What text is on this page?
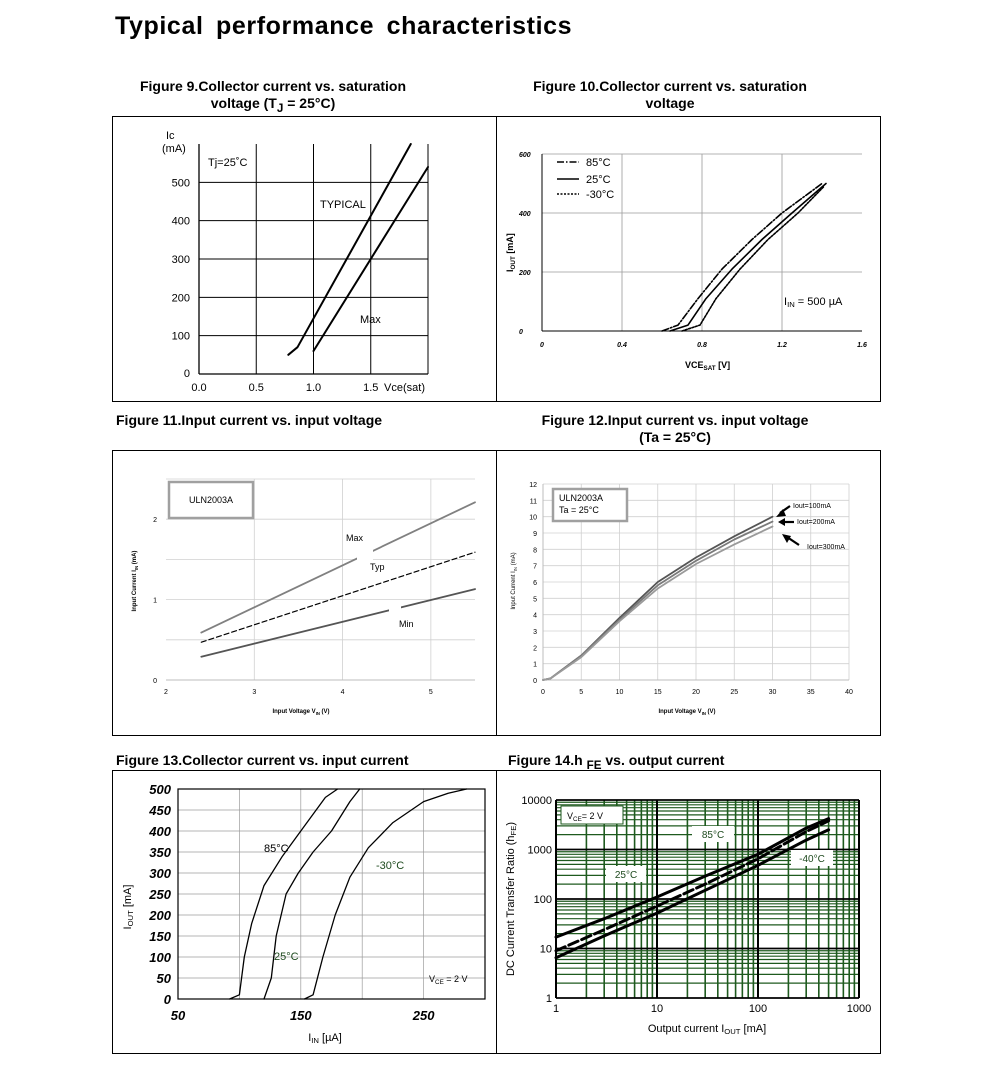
Typical performance characteristics
Figure 9.Collector current vs. saturation
voltage $(T_J = 25^\circ C)$
Figure 10.Collector current vs. saturation
voltage
Figure 11.Input current vs. input voltage	Figure 12.Input current vs. input voltage
(Ta = 25°C)
Figure 13.Collector current vs. input current	Figure 14.h $_{FE}$ vs. output current
0
100
200
300
400
500
0.0	0.5	1.0	1.5
Ic
(mA)
Vce(sat)
Tj=25˚C
TYPICAL
Max
0
200
400
600
0	0.4	0.8	1.2	1.6
$VCE_{SAT}$ [V]
$I_{OUT}$ [mA]
85°C
25°C
-30°C
IIN = 500 µA
0
1
2
2	3	4	5
Input Voltage $V_{IN}$ (V)
Input Current $I_{IN}$ (mA)
Max
Typ
Min
ULN2003A
0
1
2
3
4
5
6
7
8
9
10
11
12
0	5	10	15	20	25	30	35	40
Input Voltage $V_{IN}$ (V)
Input Current $I_{IN}$ (mA)
ULN2003A
Ta = 25°C	Iout=100mA
Iout=200mA
Iout=300mA
0
50
100
150
200
250
300
350
400
450
500
50	150	250
IIN [µA]
IOUT [mA]
85°C
25°C
-30°C
$V_{CE} = 2$ V
1
10
100
1000
10000
1	10	100	1000
Output current IOUT [mA]
DC Current Transfer Ratio (hFE)
$V_{CE}= 2$ V
85°C
25°C
-40°C
